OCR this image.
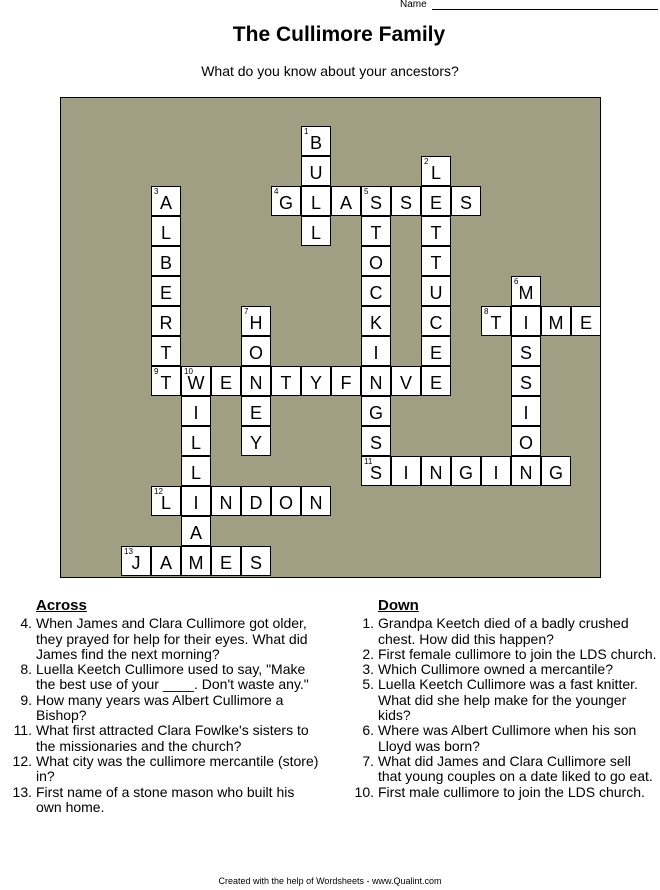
Name
The Cullimore Family
What do you know about your ancestors?
4
G L	A
5
S S E S
8
T	I	M E
9
T
10
W E N	T	Y	F	N V E
11
S	I	N G	I	N G
12
L	I	N D O N
13
J	A M E S
1
B
U
L
2
L
T
T
U
C
E
3
A
L
B
E
R
T
T
O
C
K
I
G
S
6
M
S
S
I
O
7
H
O
E
Y
I
L
L
A
Across
4. When James and Clara Cullimore got older, they prayed for help for their eyes. What did James find the next morning?
8. Luella Keetch Cullimore used to say, "Make the best use of your ____. Don't waste any."
9. How many years was Albert Cullimore a Bishop?
11. What first attracted Clara Fowlke's sisters to the missionaries and the church?
12. What city was the cullimore mercantile (store) in?
13. First name of a stone mason who built his own home.
Down
1. Grandpa Keetch died of a badly crushed chest. How did this happen?
2. First female cullimore to join the LDS church.
3. Which Cullimore owned a mercantile?
5. Luella Keetch Cullimore was a fast knitter. What did she help make for the younger kids?
6. Where was Albert Cullimore when his son Lloyd was born?
7. What did James and Clara Cullimore sell that young couples on a date liked to go eat.
10. First male cullimore to join the LDS church.
Created with the help of Wordsheets - www.Qualint.com
